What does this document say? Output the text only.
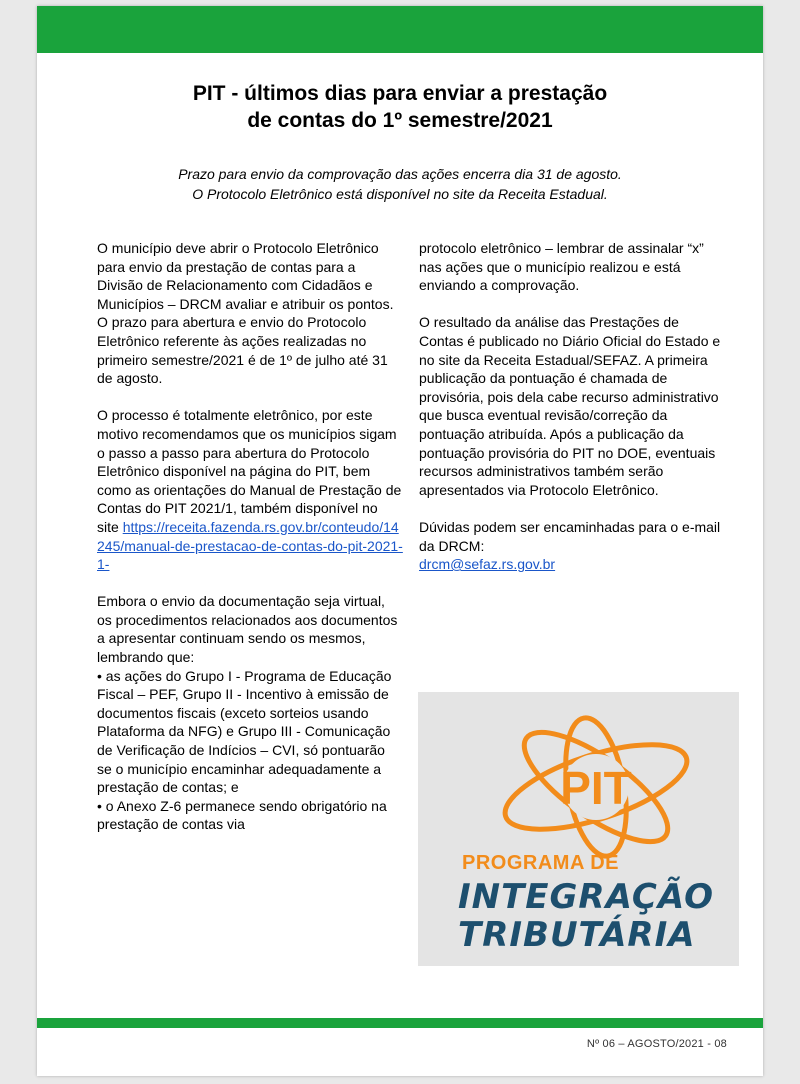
PIT - últimos dias para enviar a prestação
de contas do 1º semestre/2021
Prazo para envio da comprovação das ações encerra dia 31 de agosto.
O Protocolo Eletrônico está disponível no site da Receita Estadual.

O município deve abrir o Protocolo Eletrônico para envio da prestação de contas para a Divisão de Relacionamento com Cidadãos e Municípios – DRCM avaliar e atribuir os pontos. O prazo para abertura e envio do Protocolo Eletrônico referente às ações realizadas no primeiro semestre/2021 é de 1º de julho até 31 de agosto.

O processo é totalmente eletrônico, por este motivo recomendamos que os municípios sigam o passo a passo para abertura do Protocolo Eletrônico disponível na página do PIT, bem como as orientações do Manual de Prestação de Contas do PIT 2021/1, também disponível no site https://receita.fazenda.rs.gov.br/conteudo/14245/manual-de-prestacao-de-contas-do-pit-2021-1-

Embora o envio da documentação seja virtual, os procedimentos relacionados aos documentos a apresentar continuam sendo os mesmos, lembrando que:

• as ações do Grupo I - Programa de Educação Fiscal – PEF, Grupo II - Incentivo à emissão de documentos fiscais (exceto sorteios usando Plataforma da NFG) e Grupo III - Comunicação de Verificação de Indícios – CVI, só pontuarão se o município encaminhar adequadamente a prestação de contas; e
• o Anexo Z-6 permanece sendo obrigatório na prestação de contas via

protocolo eletrônico – lembrar de assinalar “x” nas ações que o município realizou e está enviando a comprovação.

O resultado da análise das Prestações de Contas é publicado no Diário Oficial do Estado e no site da Receita Estadual/SEFAZ. A primeira publicação da pontuação é chamada de provisória, pois dela cabe recurso administrativo que busca eventual revisão/correção da pontuação atribuída. Após a publicação da pontuação provisória do PIT no DOE, eventuais recursos administrativos também serão apresentados via Protocolo Eletrônico.

Dúvidas podem ser encaminhadas para o e-mail da DRCM:
drcm@sefaz.rs.gov.br

PIT
PROGRAMA DE
INTEGRAÇÃO
TRIBUTÁRIA
Nº 06 – AGOSTO/2021 - 08
